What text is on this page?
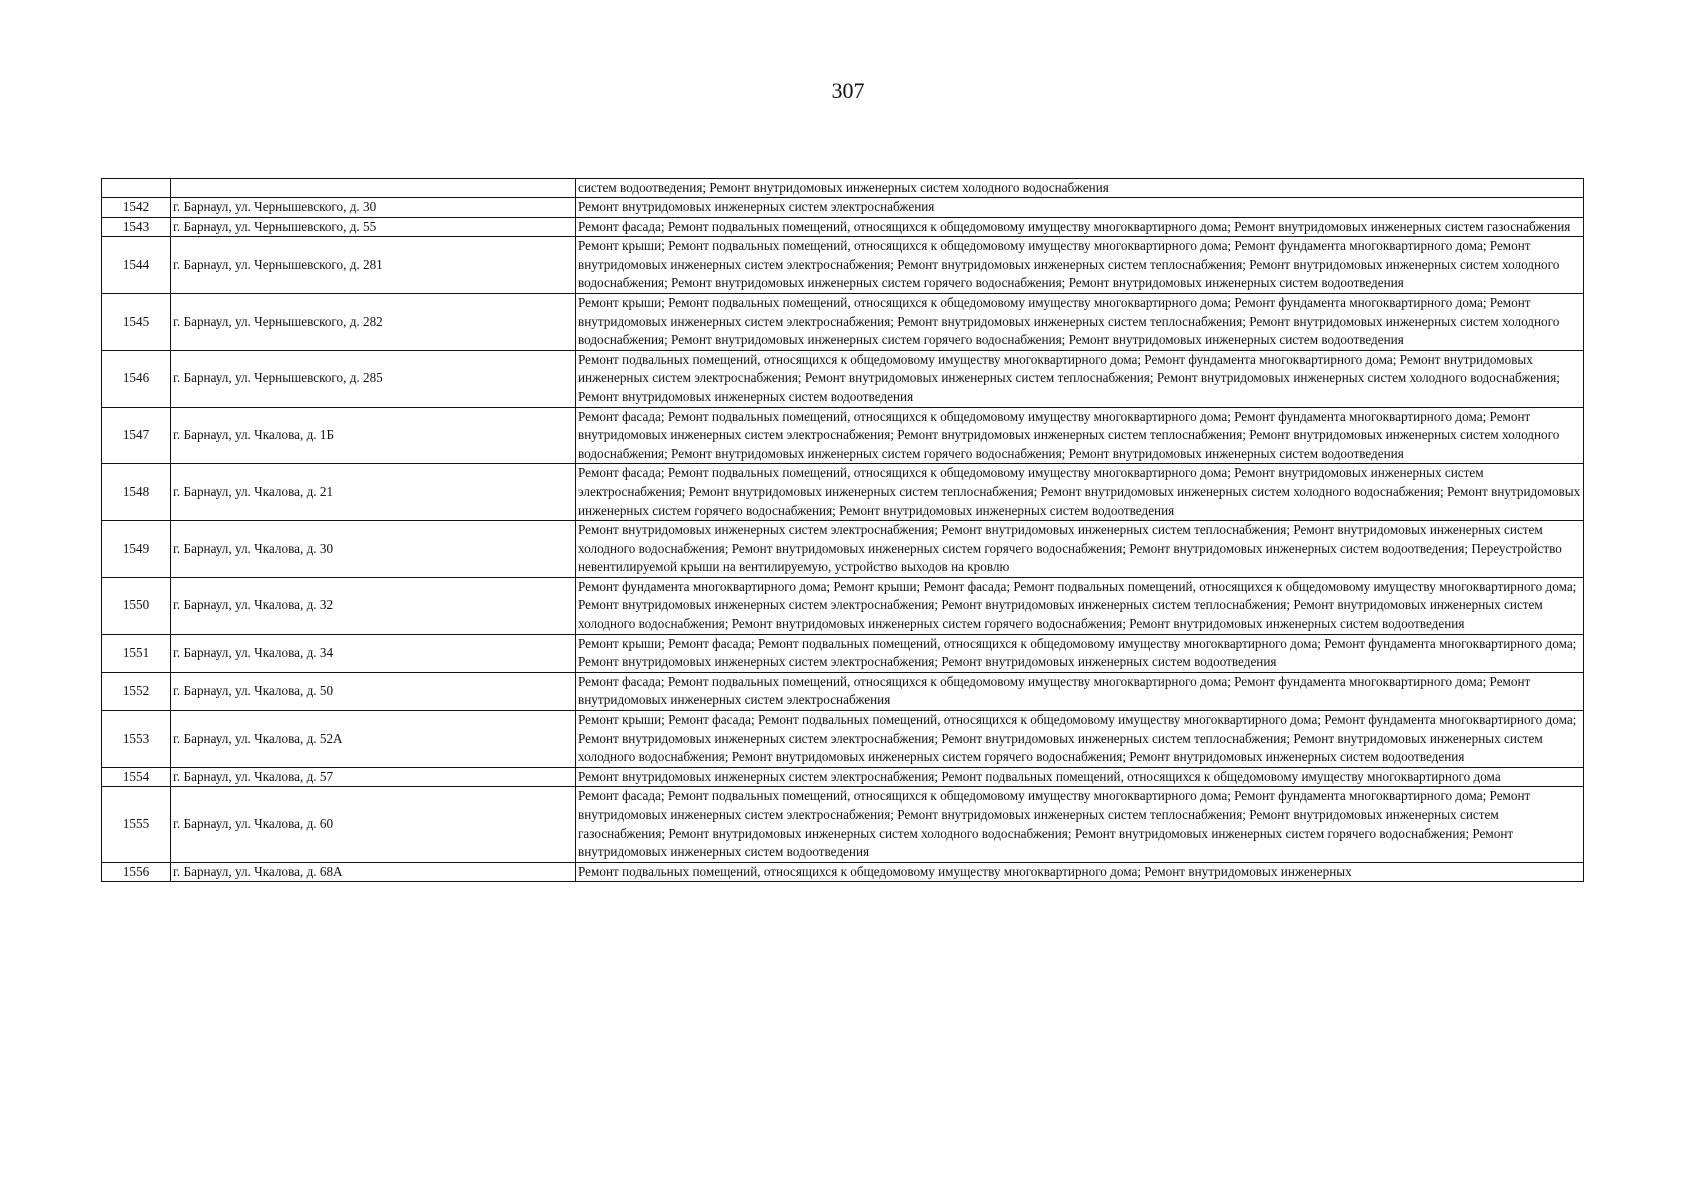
307
		систем водоотведения; Ремонт внутридомовых инженерных систем холодного водоснабжения
1542	г. Барнаул, ул. Чернышевского, д. 30	Ремонт внутридомовых инженерных систем электроснабжения
1543	г. Барнаул, ул. Чернышевского, д. 55	Ремонт фасада; Ремонт подвальных помещений, относящихся к общедомовому имуществу многоквартирного дома; Ремонт внутридомовых инженерных систем газоснабжения
1544	г. Барнаул, ул. Чернышевского, д. 281	Ремонт крыши; Ремонт подвальных помещений, относящихся к общедомовому имуществу многоквартирного дома; Ремонт фундамента многоквартирного дома; Ремонт внутридомовых инженерных систем электроснабжения; Ремонт внутридомовых инженерных систем теплоснабжения; Ремонт внутридомовых инженерных систем холодного водоснабжения; Ремонт внутридомовых инженерных систем горячего водоснабжения; Ремонт внутридомовых инженерных систем водоотведения
1545	г. Барнаул, ул. Чернышевского, д. 282	Ремонт крыши; Ремонт подвальных помещений, относящихся к общедомовому имуществу многоквартирного дома; Ремонт фундамента многоквартирного дома; Ремонт внутридомовых инженерных систем электроснабжения; Ремонт внутридомовых инженерных систем теплоснабжения; Ремонт внутридомовых инженерных систем холодного водоснабжения; Ремонт внутридомовых инженерных систем горячего водоснабжения; Ремонт внутридомовых инженерных систем водоотведения
1546	г. Барнаул, ул. Чернышевского, д. 285	Ремонт подвальных помещений, относящихся к общедомовому имуществу многоквартирного дома; Ремонт фундамента многоквартирного дома; Ремонт внутридомовых инженерных систем электроснабжения; Ремонт внутридомовых инженерных систем теплоснабжения; Ремонт внутридомовых инженерных систем холодного водоснабжения; Ремонт внутридомовых инженерных систем водоотведения
1547	г. Барнаул, ул. Чкалова, д. 1Б	Ремонт фасада; Ремонт подвальных помещений, относящихся к общедомовому имуществу многоквартирного дома; Ремонт фундамента многоквартирного дома; Ремонт внутридомовых инженерных систем электроснабжения; Ремонт внутридомовых инженерных систем теплоснабжения; Ремонт внутридомовых инженерных систем холодного водоснабжения; Ремонт внутридомовых инженерных систем горячего водоснабжения; Ремонт внутридомовых инженерных систем водоотведения
1548	г. Барнаул, ул. Чкалова, д. 21	Ремонт фасада; Ремонт подвальных помещений, относящихся к общедомовому имуществу многоквартирного дома; Ремонт внутридомовых инженерных систем электроснабжения; Ремонт внутридомовых инженерных систем теплоснабжения; Ремонт внутридомовых инженерных систем холодного водоснабжения; Ремонт внутридомовых инженерных систем горячего водоснабжения; Ремонт внутридомовых инженерных систем водоотведения
1549	г. Барнаул, ул. Чкалова, д. 30	Ремонт внутридомовых инженерных систем электроснабжения; Ремонт внутридомовых инженерных систем теплоснабжения; Ремонт внутридомовых инженерных систем холодного водоснабжения; Ремонт внутридомовых инженерных систем горячего водоснабжения; Ремонт внутридомовых инженерных систем водоотведения; Переустройство невентилируемой крыши на вентилируемую, устройство выходов на кровлю
1550	г. Барнаул, ул. Чкалова, д. 32	Ремонт фундамента многоквартирного дома; Ремонт крыши; Ремонт фасада; Ремонт подвальных помещений, относящихся к общедомовому имуществу многоквартирного дома; Ремонт внутридомовых инженерных систем электроснабжения; Ремонт внутридомовых инженерных систем теплоснабжения; Ремонт внутридомовых инженерных систем холодного водоснабжения; Ремонт внутридомовых инженерных систем горячего водоснабжения; Ремонт внутридомовых инженерных систем водоотведения
1551	г. Барнаул, ул. Чкалова, д. 34	Ремонт крыши; Ремонт фасада; Ремонт подвальных помещений, относящихся к общедомовому имуществу многоквартирного дома; Ремонт фундамента многоквартирного дома; Ремонт внутридомовых инженерных систем электроснабжения; Ремонт внутридомовых инженерных систем водоотведения
1552	г. Барнаул, ул. Чкалова, д. 50	Ремонт фасада; Ремонт подвальных помещений, относящихся к общедомовому имуществу многоквартирного дома; Ремонт фундамента многоквартирного дома; Ремонт внутридомовых инженерных систем электроснабжения
1553	г. Барнаул, ул. Чкалова, д. 52А	Ремонт крыши; Ремонт фасада; Ремонт подвальных помещений, относящихся к общедомовому имуществу многоквартирного дома; Ремонт фундамента многоквартирного дома; Ремонт внутридомовых инженерных систем электроснабжения; Ремонт внутридомовых инженерных систем теплоснабжения; Ремонт внутридомовых инженерных систем холодного водоснабжения; Ремонт внутридомовых инженерных систем горячего водоснабжения; Ремонт внутридомовых инженерных систем водоотведения
1554	г. Барнаул, ул. Чкалова, д. 57	Ремонт внутридомовых инженерных систем электроснабжения; Ремонт подвальных помещений, относящихся к общедомовому имуществу многоквартирного дома
1555	г. Барнаул, ул. Чкалова, д. 60	Ремонт фасада; Ремонт подвальных помещений, относящихся к общедомовому имуществу многоквартирного дома; Ремонт фундамента многоквартирного дома; Ремонт внутридомовых инженерных систем электроснабжения; Ремонт внутридомовых инженерных систем теплоснабжения; Ремонт внутридомовых инженерных систем газоснабжения; Ремонт внутридомовых инженерных систем холодного водоснабжения; Ремонт внутридомовых инженерных систем горячего водоснабжения; Ремонт внутридомовых инженерных систем водоотведения
1556	г. Барнаул, ул. Чкалова, д. 68А	Ремонт подвальных помещений, относящихся к общедомовому имуществу многоквартирного дома; Ремонт внутридомовых инженерных
